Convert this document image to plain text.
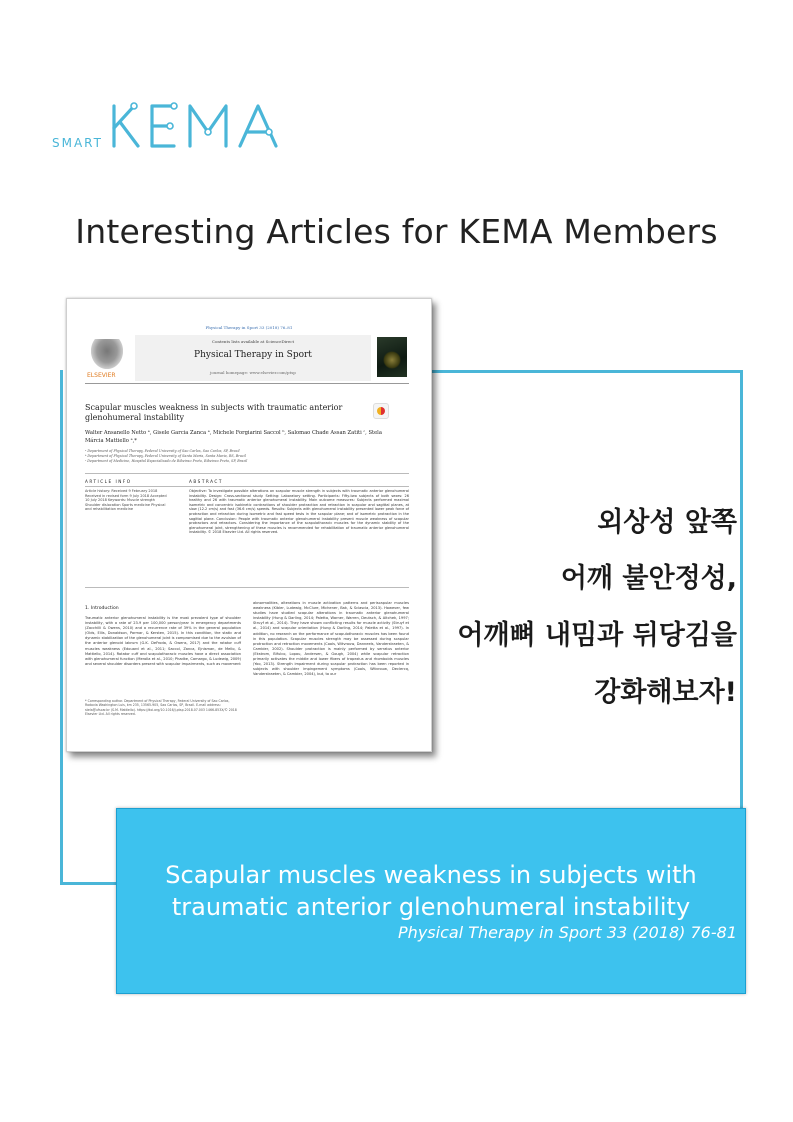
SMART
Interesting Articles for KEMA Members
Physical Therapy in Sport 33 (2018) 76–81
ELSEVIER
Contents lists available at ScienceDirect
Physical Therapy in Sport
journal homepage: www.elsevier.com/ptsp
Scapular muscles weakness in subjects with traumatic anterior glenohumeral instability
Walter Ansanello Netto ᵃ, Gisele Garcia Zanca ᵃ, Michele Forgiarini Saccol ᵇ, Salomao Chade Assan Zatiti ᶜ, Stela Márcia Mattiello ᵃ,*
ᵃ Department of Physical Therapy, Federal University of Sao Carlos, Sao Carlos, SP, Brazil
ᵇ Department of Physical Therapy, Federal University of Santa Maria, Santa Maria, RS, Brazil
ᶜ Department of Medicine, Hospital Especializado de Ribeirao Preto, Ribeirao Preto, SP, Brazil
ARTICLE INFO	ABSTRACT
Article history: Received 9 February 2018 Received in revised form 9 July 2018 Accepted 10 July 2018 Keywords: Muscle strength Shoulder dislocation Sports medicine Physical and rehabilitation medicine
Objective: To investigate possible alterations on scapular muscle strength in subjects with traumatic anterior glenohumeral instability. Design: Cross-sectional study. Setting: Laboratory setting. Participants: Fifty-two subjects of both sexes: 26 healthy and 26 with traumatic anterior glenohumeral instability. Main outcome measures: Subjects performed maximal isometric and concentric isokinetic contractions of shoulder protraction and retraction in scapular and sagittal planes, at slow (12.2 cm/s) and fast (36.6 cm/s) speeds. Results: Subjects with glenohumeral instability presented lower peak force of protraction and retraction during isometric and fast speed tests in the scapular plane; and of isometric protraction in the sagittal plane. Conclusion: People with traumatic anterior glenohumeral instability present muscle weakness of scapular protractors and retractors. Considering the importance of the scapulothoracic muscles for the dynamic stability of the glenohumeral joint, strengthening of these muscles is recommended for rehabilitation of traumatic anterior glenohumeral instability. © 2018 Elsevier Ltd. All rights reserved.
1. Introduction
Traumatic anterior glenohumeral instability is the most prevalent type of shoulder instability, with a rate of 23.9 per 100,000 person/year in emergency departments (Zacchilli & Owens, 2010) and a recurrence rate of 39% in the general population (Olds, Ellis, Donaldson, Parmar, & Kersten, 2015). In this condition, the static and dynamic stabilization of the glenohumeral joint is compromised due to the avulsion of the anterior glenoid labrum (G.K. DeFroda, & Owens, 2017) and the rotator cuff muscles weakness (Edouard et al., 2011; Saccol, Zanca, Ejnisman, de Mello, & Mattiello, 2014). Rotator cuff and scapulothoracic muscles have a direct association with glenohumeral function (Merolla et al., 2010; Phadke, Camargo, & Ludewig, 2009) and several shoulder disorders present with scapular impairments, such as movement
abnormalities, alterations in muscle activation patterns and periscapular muscles weakness (Kibler, Ludewig, McClure, Michener, Bak, & Sciascia, 2013). However, few studies have studied scapular alterations in traumatic anterior glenohumeral instability (Hung & Darling, 2014; Paletta, Warner, Warren, Deutsch, & Altchek, 1997; Struyf et al., 2014). They have shown conflicting results for muscle activity (Struyf et al., 2014) and scapular orientation (Hung & Darling, 2014; Paletta et al., 1997). In addition, no research on the performance of scapulothoracic muscles has been found in this population. Scapular muscles strength may be assessed during scapular protraction and retraction movements (Cools, Witvrouw, Danneels, Vanderstraeten, & Cambier, 2002). Shoulder protraction is mainly performed by serratus anterior (Ekstrom, Bifulco, Lopau, Andersen, & Gough, 2004) while scapular retraction primarily activates the middle and lower fibers of trapezius and rhomboids muscles (Yoo, 2013). Strength impairment during scapular protraction has been reported in subjects with shoulder impingement symptoms (Cools, Witvrouw, Declercq, Vanderstraeten, & Cambier, 2004), but, to our
* Corresponding author. Department of Physical Therapy, Federal University of Sao Carlos, Rodovia Washington Luis, km 235, 13565-905, Sao Carlos, SP, Brazil. E-mail address: stela@ufscar.br (S.M. Mattiello). https://doi.org/10.1016/j.ptsp.2018.07.003 1466-853X/© 2018 Elsevier Ltd. All rights reserved.
외상성 앞쪽
어깨 불안정성,
어깨뼈 내밈과 뒤당김을
강화해보자!
Scapular muscles weakness in subjects with
traumatic anterior glenohumeral instability
Physical Therapy in Sport 33 (2018) 76-81
